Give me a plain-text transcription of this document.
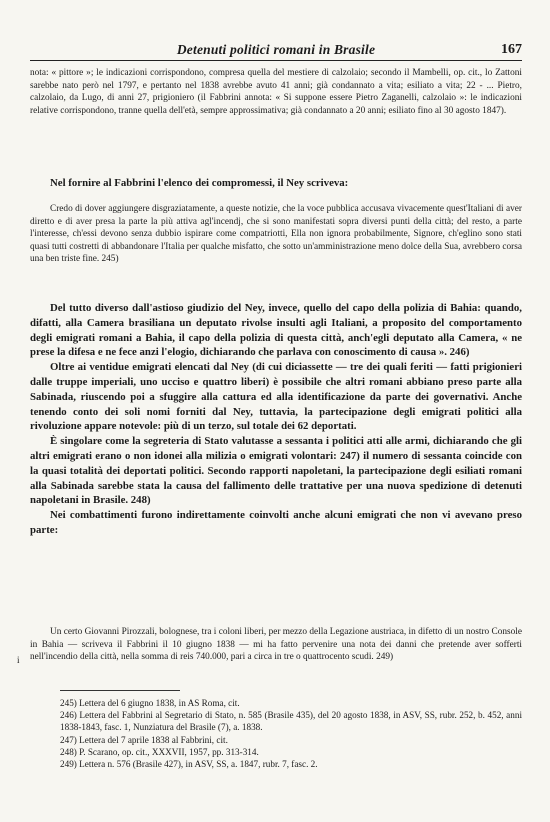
Detenuti politici romani in Brasile	167
nota: « pittore »; le indicazioni corrispondono, compresa quella del mestiere di calzolaio; secondo il Mambelli, op. cit., lo Zattoni sarebbe nato però nel 1797, e pertanto nel 1838 avrebbe avuto 41 anni; già condannato a vita; esiliato a vita; 22 - ... Pietro, calzolaio, da Lugo, di anni 27, prigioniero (il Fabbrini annota: « Si suppone essere Pietro Zaganelli, calzolaio »: le indicazioni relative corrispondono, tranne quella dell'età, sempre approssimativa; già condannato a 20 anni; esiliato fino al 30 agosto 1847).
Nel fornire al Fabbrini l'elenco dei compromessi, il Ney scriveva:
Credo di dover aggiungere disgraziatamente, a queste notizie, che la voce pubblica accusava vivacemente quest'Italiani di aver diretto e di aver presa la parte la più attiva agl'incendj, che si sono manifestati sopra diversi punti della città; del resto, a parte l'interesse, ch'essi devono senza dubbio ispirare come compatriotti, Ella non ignora probabilmente, Signore, ch'eglino sono stati quasi tutti costretti di abbandonare l'Italia per qualche misfatto, che sotto un'amministrazione meno dolce della Sua, avrebbero corsa una ben triste fine. 245)
Del tutto diverso dall'astioso giudizio del Ney, invece, quello del capo della polizia di Bahia: quando, difatti, alla Camera brasiliana un deputato rivolse insulti agli Italiani, a proposito del comportamento degli emigrati romani a Bahia, il capo della polizia di questa città, anch'egli deputato alla Camera, « ne prese la difesa e ne fece anzi l'elogio, dichiarando che parlava con conoscimento di causa ». 246)
Oltre ai ventidue emigrati elencati dal Ney (di cui diciassette — tre dei quali feriti — fatti prigionieri dalle truppe imperiali, uno ucciso e quattro liberi) è possibile che altri romani abbiano preso parte alla Sabinada, riuscendo poi a sfuggire alla cattura ed alla identificazione da parte dei governativi. Anche tenendo conto dei soli nomi forniti dal Ney, tuttavia, la partecipazione degli emigrati politici alla rivoluzione appare notevole: più di un terzo, sul totale dei 62 deportati.
È singolare come la segreteria di Stato valutasse a sessanta i politici atti alle armi, dichiarando che gli altri emigrati erano o non idonei alla milizia o emigrati volontari: 247) il numero di sessanta coincide con la quasi totalità dei deportati politici. Secondo rapporti napoletani, la partecipazione degli esiliati romani alla Sabinada sarebbe stata la causa del fallimento delle trattative per una nuova spedizione di detenuti napoletani in Brasile. 248)
Nei combattimenti furono indirettamente coinvolti anche alcuni emigrati che non vi avevano preso parte:
i
Un certo Giovanni Pirozzali, bolognese, tra i coloni liberi, per mezzo della Legazione austriaca, in difetto di un nostro Console in Bahia — scriveva il Fabbrini il 10 giugno 1838 — mi ha fatto pervenire una nota dei danni che pretende aver sofferti nell'incendio della città, nella somma di reis 740.000, pari a circa in tre o quattrocento scudi. 249)
245) Lettera del 6 giugno 1838, in AS Roma, cit.
246) Lettera del Fabbrini al Segretario di Stato, n. 585 (Brasile 435), del 20 agosto 1838, in ASV, SS, rubr. 252, b. 452, anni 1838-1843, fasc. 1, Nunziatura del Brasile (7), a. 1838.
247) Lettera del 7 aprile 1838 al Fabbrini, cit.
248) P. Scarano, op. cit., XXXVII, 1957, pp. 313-314.
249) Lettera n. 576 (Brasile 427), in ASV, SS, a. 1847, rubr. 7, fasc. 2.
